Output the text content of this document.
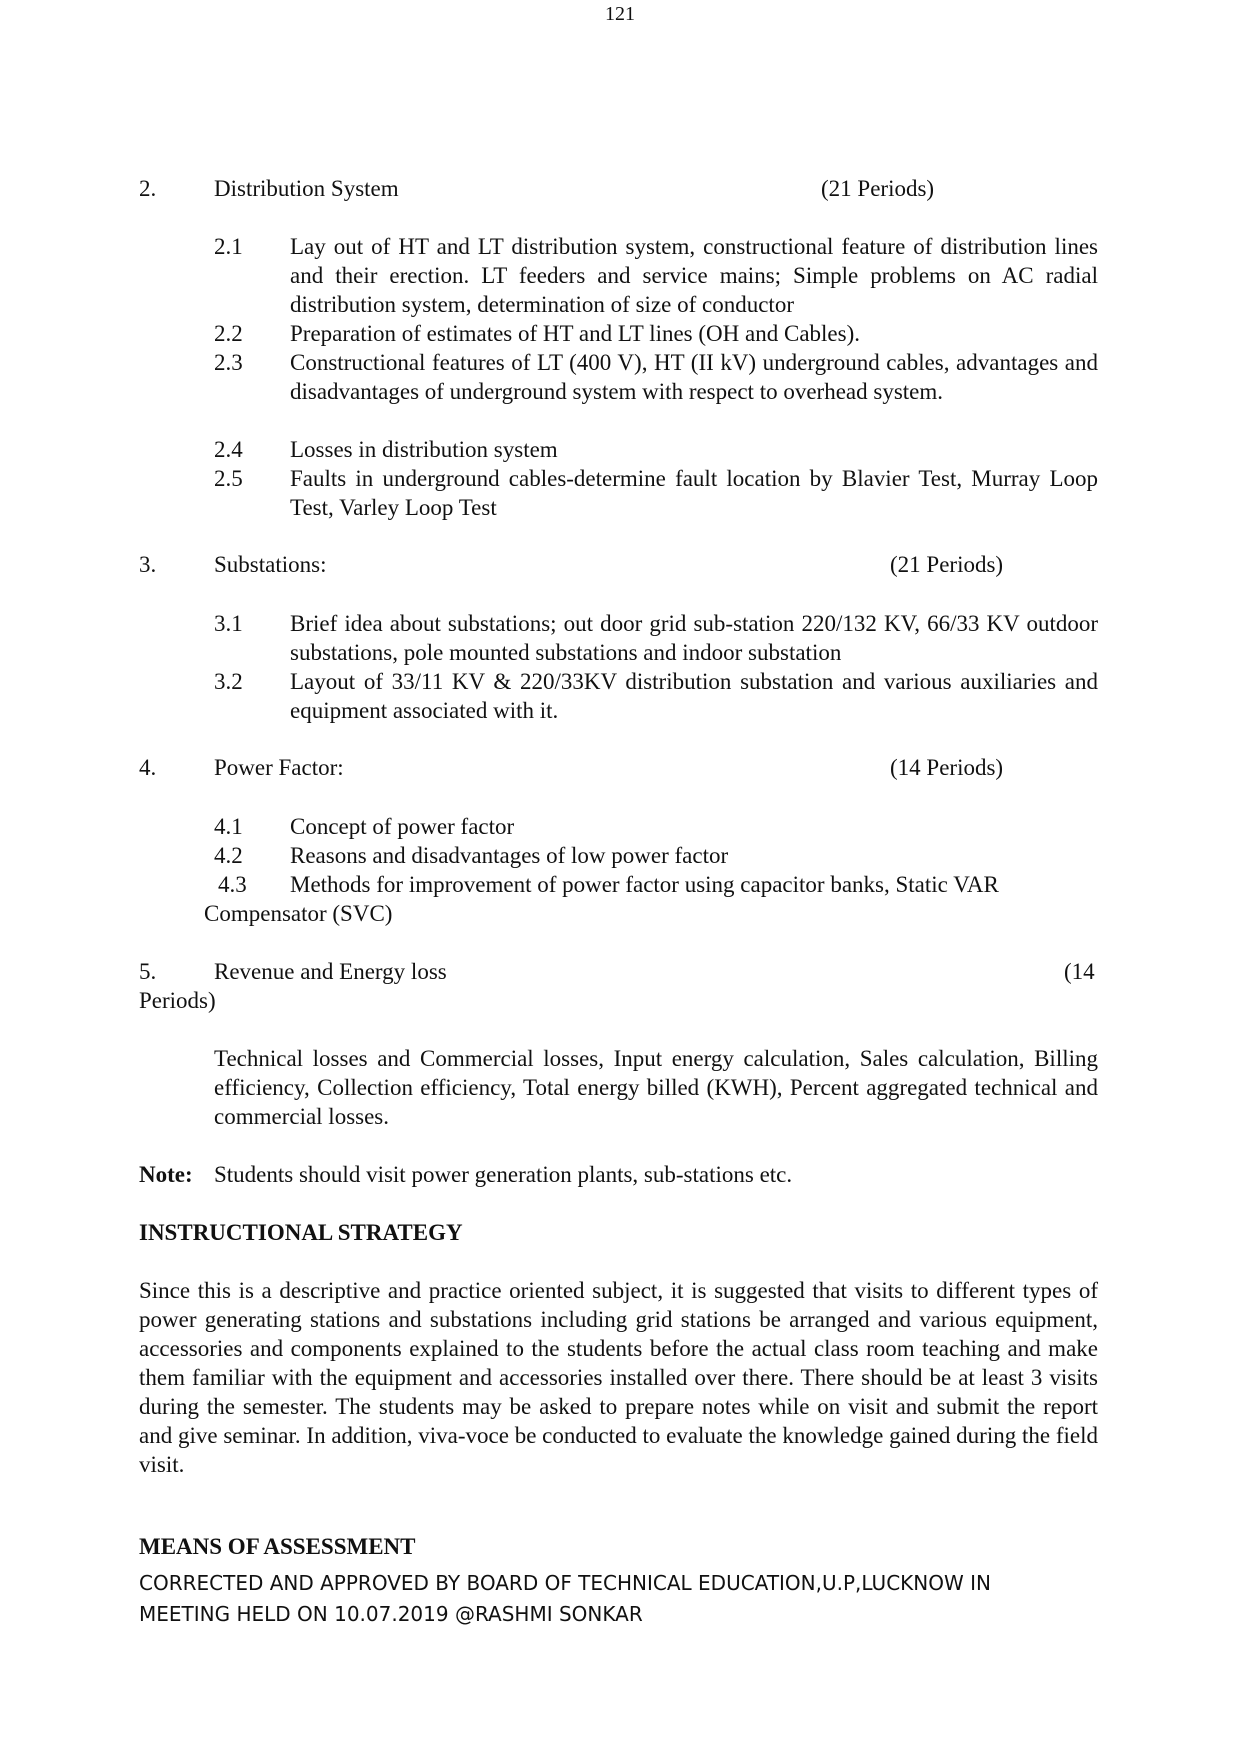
121
2.	Distribution System	(21 Periods)
2.1	Lay out of HT and LT distribution system, constructional feature of distribution lines and their erection. LT feeders and service mains; Simple problems on AC radial distribution system, determination of size of conductor
2.2	Preparation of estimates of HT and LT lines (OH and Cables).
2.3	Constructional features of LT (400 V), HT (II kV) underground cables, advantages and disadvantages of underground system with respect to overhead system.
2.4	Losses in distribution system
2.5	Faults in underground cables-determine fault location by Blavier Test, Murray Loop Test, Varley Loop Test
3.	Substations:	(21 Periods)
3.1	Brief idea about substations; out door grid sub-station 220/132 KV, 66/33 KV outdoor substations, pole mounted substations and indoor substation
3.2	Layout of 33/11 KV & 220/33KV distribution substation and various auxiliaries and equipment associated with it.
4.	Power Factor:	(14 Periods)
4.1	Concept of power factor
4.2	Reasons and disadvantages of low power factor
4.3	Methods for improvement of power factor using capacitor banks, Static VAR
Compensator (SVC)
5.	Revenue and Energy loss	(14
Periods)
Technical losses and Commercial losses, Input energy calculation, Sales calculation, Billing efficiency, Collection efficiency, Total energy billed (KWH), Percent aggregated technical and commercial losses.
Note: Students should visit power generation plants, sub-stations etc.
INSTRUCTIONAL STRATEGY
Since this is a descriptive and practice oriented subject, it is suggested that visits to different types of power generating stations and substations including grid stations be arranged and various equipment, accessories and components explained to the students before the actual class room teaching and make them familiar with the equipment and accessories installed over there. There should be at least 3 visits during the semester. The students may be asked to prepare notes while on visit and submit the report and give seminar. In addition, viva-voce be conducted to evaluate the knowledge gained during the field visit.
MEANS OF ASSESSMENT
CORRECTED AND APPROVED BY BOARD OF TECHNICAL EDUCATION,U.P,LUCKNOW IN
MEETING HELD ON 10.07.2019 @RASHMI SONKAR
